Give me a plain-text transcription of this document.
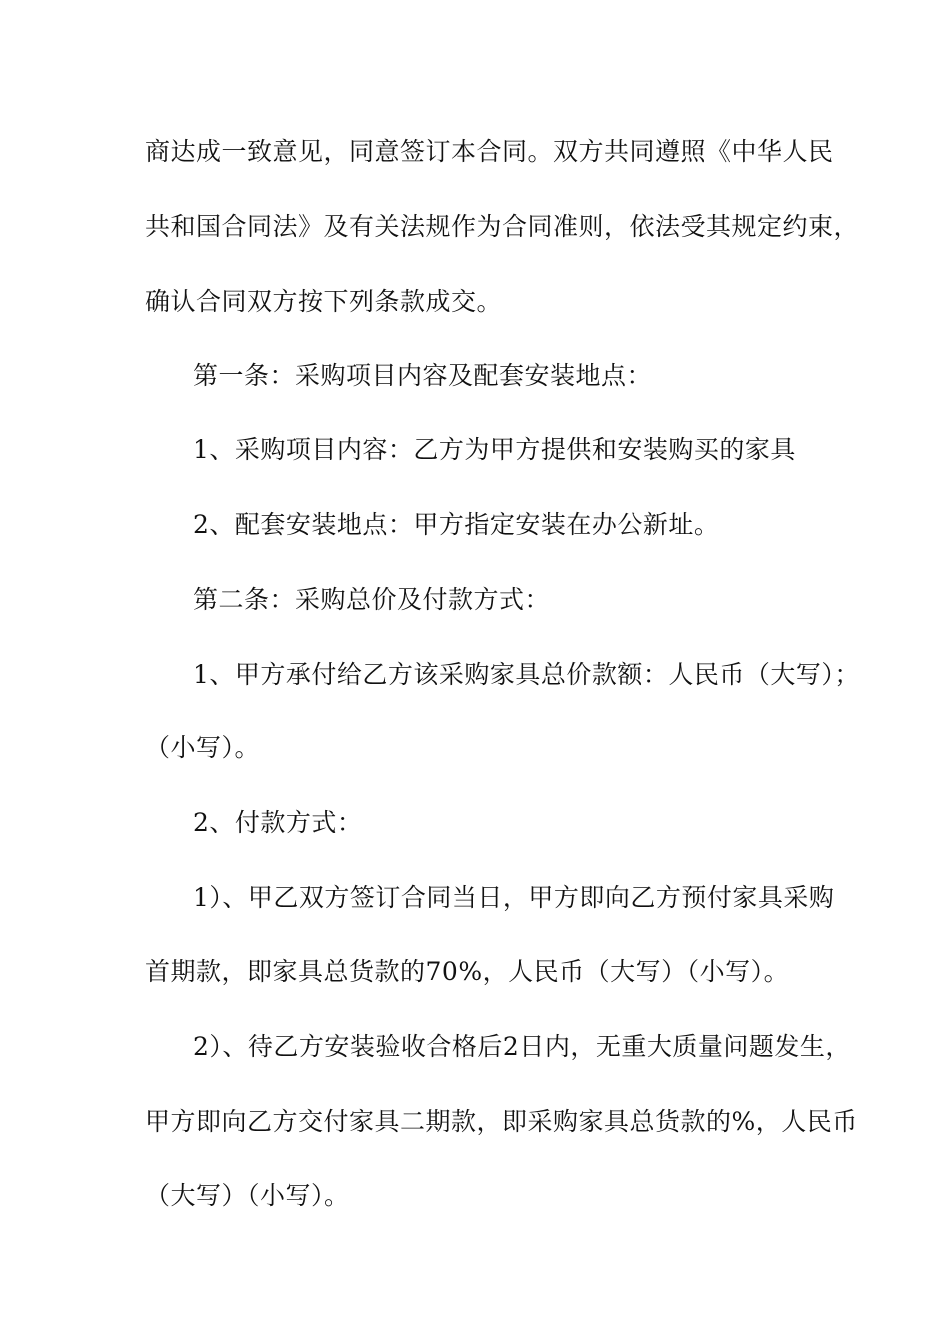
商达成一致意见，同意签订本合同。双方共同遵照《中华人民
共和国合同法》及有关法规作为合同准则，依法受其规定约束，
确认合同双方按下列条款成交。
第一条：采购项目内容及配套安装地点：
1、采购项目内容：乙方为甲方提供和安装购买的家具
2、配套安装地点：甲方指定安装在办公新址。
第二条：采购总价及付款方式：
1、甲方承付给乙方该采购家具总价款额：人民币（大写）；
（小写）。
2、付款方式：
1）、甲乙双方签订合同当日，甲方即向乙方预付家具采购
首期款，即家具总货款的70%，人民币（大写）（小写）。
2）、待乙方安装验收合格后2日内，无重大质量问题发生，
甲方即向乙方交付家具二期款，即采购家具总货款的%，人民币
（大写）（小写）。
